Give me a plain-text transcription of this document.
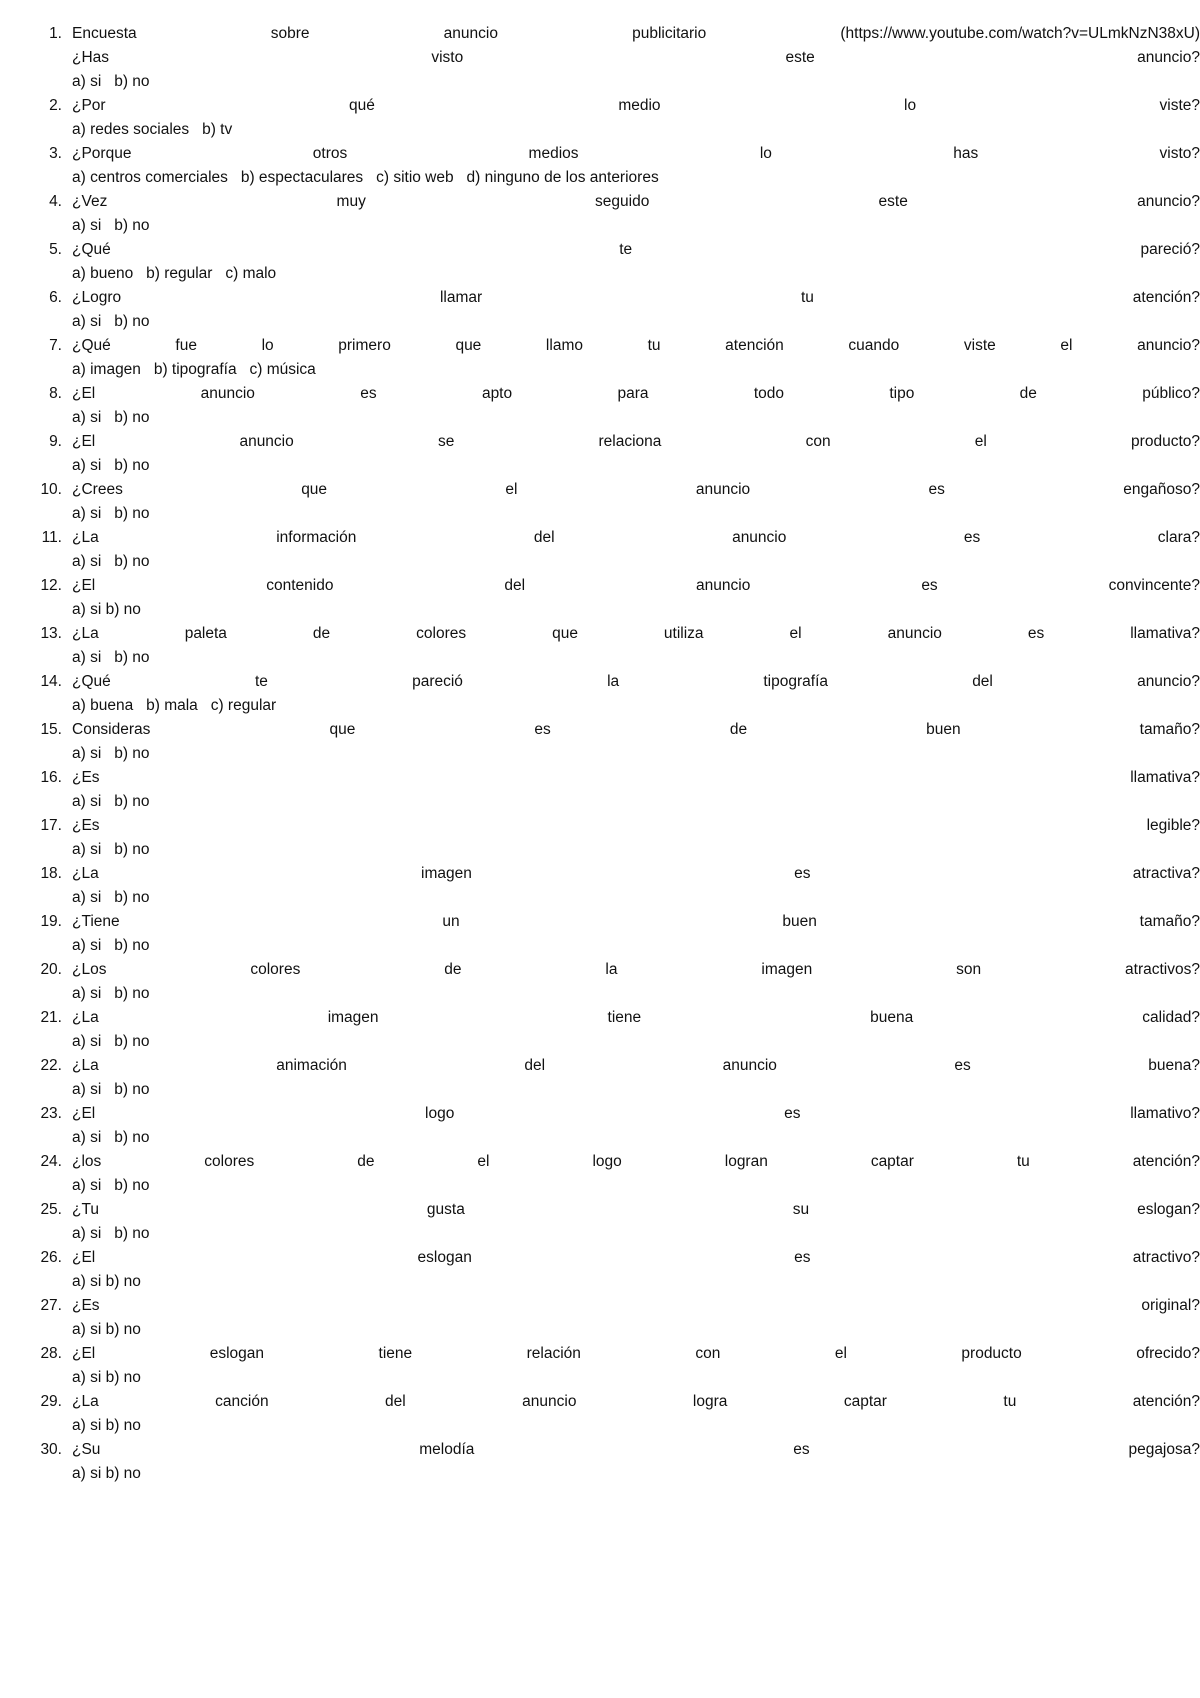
1. Encuesta sobre anuncio publicitario (https://www.youtube.com/watch?v=ULmkNzN38xU)
¿Has visto este anuncio?
a) si   b) no
2. ¿Por qué medio lo viste?
a) redes sociales   b) tv
3. ¿Porque otros medios lo has visto?
a) centros comerciales   b) espectaculares   c) sitio web   d) ninguno de los anteriores
4. ¿Vez muy seguido este anuncio?
a) si   b) no
5. ¿Qué te pareció?
a) bueno   b) regular   c) malo
6. ¿Logro llamar tu atención?
a) si   b) no
7. ¿Qué fue lo primero que llamo tu atención cuando viste el anuncio?
a) imagen   b) tipografía   c) música
8. ¿El anuncio es apto para todo tipo de público?
a) si   b) no
9. ¿El anuncio se relaciona con el producto?
a) si   b) no
10. ¿Crees que el anuncio es engañoso?
a) si   b) no
11. ¿La información del anuncio es clara?
a) si   b) no
12. ¿El contenido del anuncio es convincente?
a) si b) no
13. ¿La paleta de colores que utiliza el anuncio es llamativa?
a) si   b) no
14. ¿Qué te pareció la tipografía del anuncio?
a) buena   b) mala   c) regular
15. Consideras que es de buen tamaño?
a) si   b) no
16. ¿Es llamativa?
a) si   b) no
17. ¿Es legible?
a) si   b) no
18. ¿La imagen es atractiva?
a) si   b) no
19. ¿Tiene un buen tamaño?
a) si   b) no
20. ¿Los colores de la imagen son atractivos?
a) si   b) no
21. ¿La imagen tiene buena calidad?
a) si   b) no
22. ¿La animación del anuncio es buena?
a) si   b) no
23. ¿El logo es llamativo?
a) si   b) no
24. ¿los colores de el logo logran captar tu atención?
a) si   b) no
25. ¿Tu gusta su eslogan?
a) si   b) no
26. ¿El eslogan es atractivo?
a) si b) no
27. ¿Es original?
a) si b) no
28. ¿El eslogan tiene relación con el producto ofrecido?
a) si b) no
29. ¿La canción del anuncio logra captar tu atención?
a) si b) no
30. ¿Su melodía es pegajosa?
a) si b) no
